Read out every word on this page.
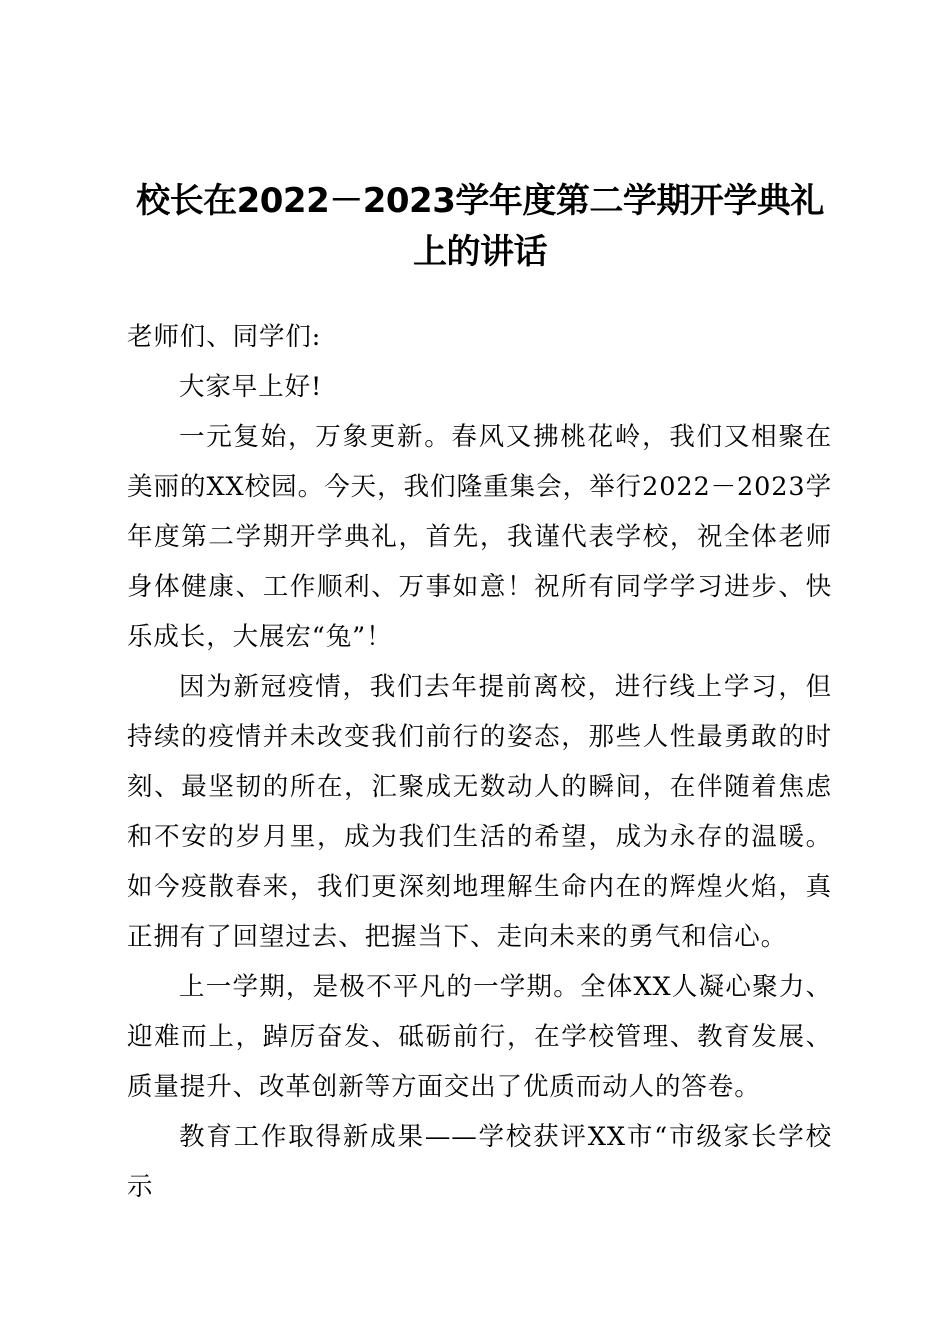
校长在2022－2023学年度第二学期开学典礼
上的讲话

老师们、同学们:

大家早上好!

一元复始，万象更新。春风又拂桃花岭，我们又相聚在美丽的XX校园。今天，我们隆重集会，举行2022－2023学年度第二学期开学典礼，首先，我谨代表学校，祝全体老师身体健康、工作顺利、万事如意！祝所有同学学习进步、快乐成长，大展宏“兔”！

因为新冠疫情，我们去年提前离校，进行线上学习，但持续的疫情并未改变我们前行的姿态，那些人性最勇敢的时刻、最坚韧的所在，汇聚成无数动人的瞬间，在伴随着焦虑和不安的岁月里，成为我们生活的希望，成为永存的温暖。如今疫散春来，我们更深刻地理解生命内在的辉煌火焰，真正拥有了回望过去、把握当下、走向未来的勇气和信心。

上一学期，是极不平凡的一学期。全体XX人凝心聚力、迎难而上，踔厉奋发、砥砺前行，在学校管理、教育发展、质量提升、改革创新等方面交出了优质而动人的答卷。

教育工作取得新成果——学校获评XX市“市级家长学校示
